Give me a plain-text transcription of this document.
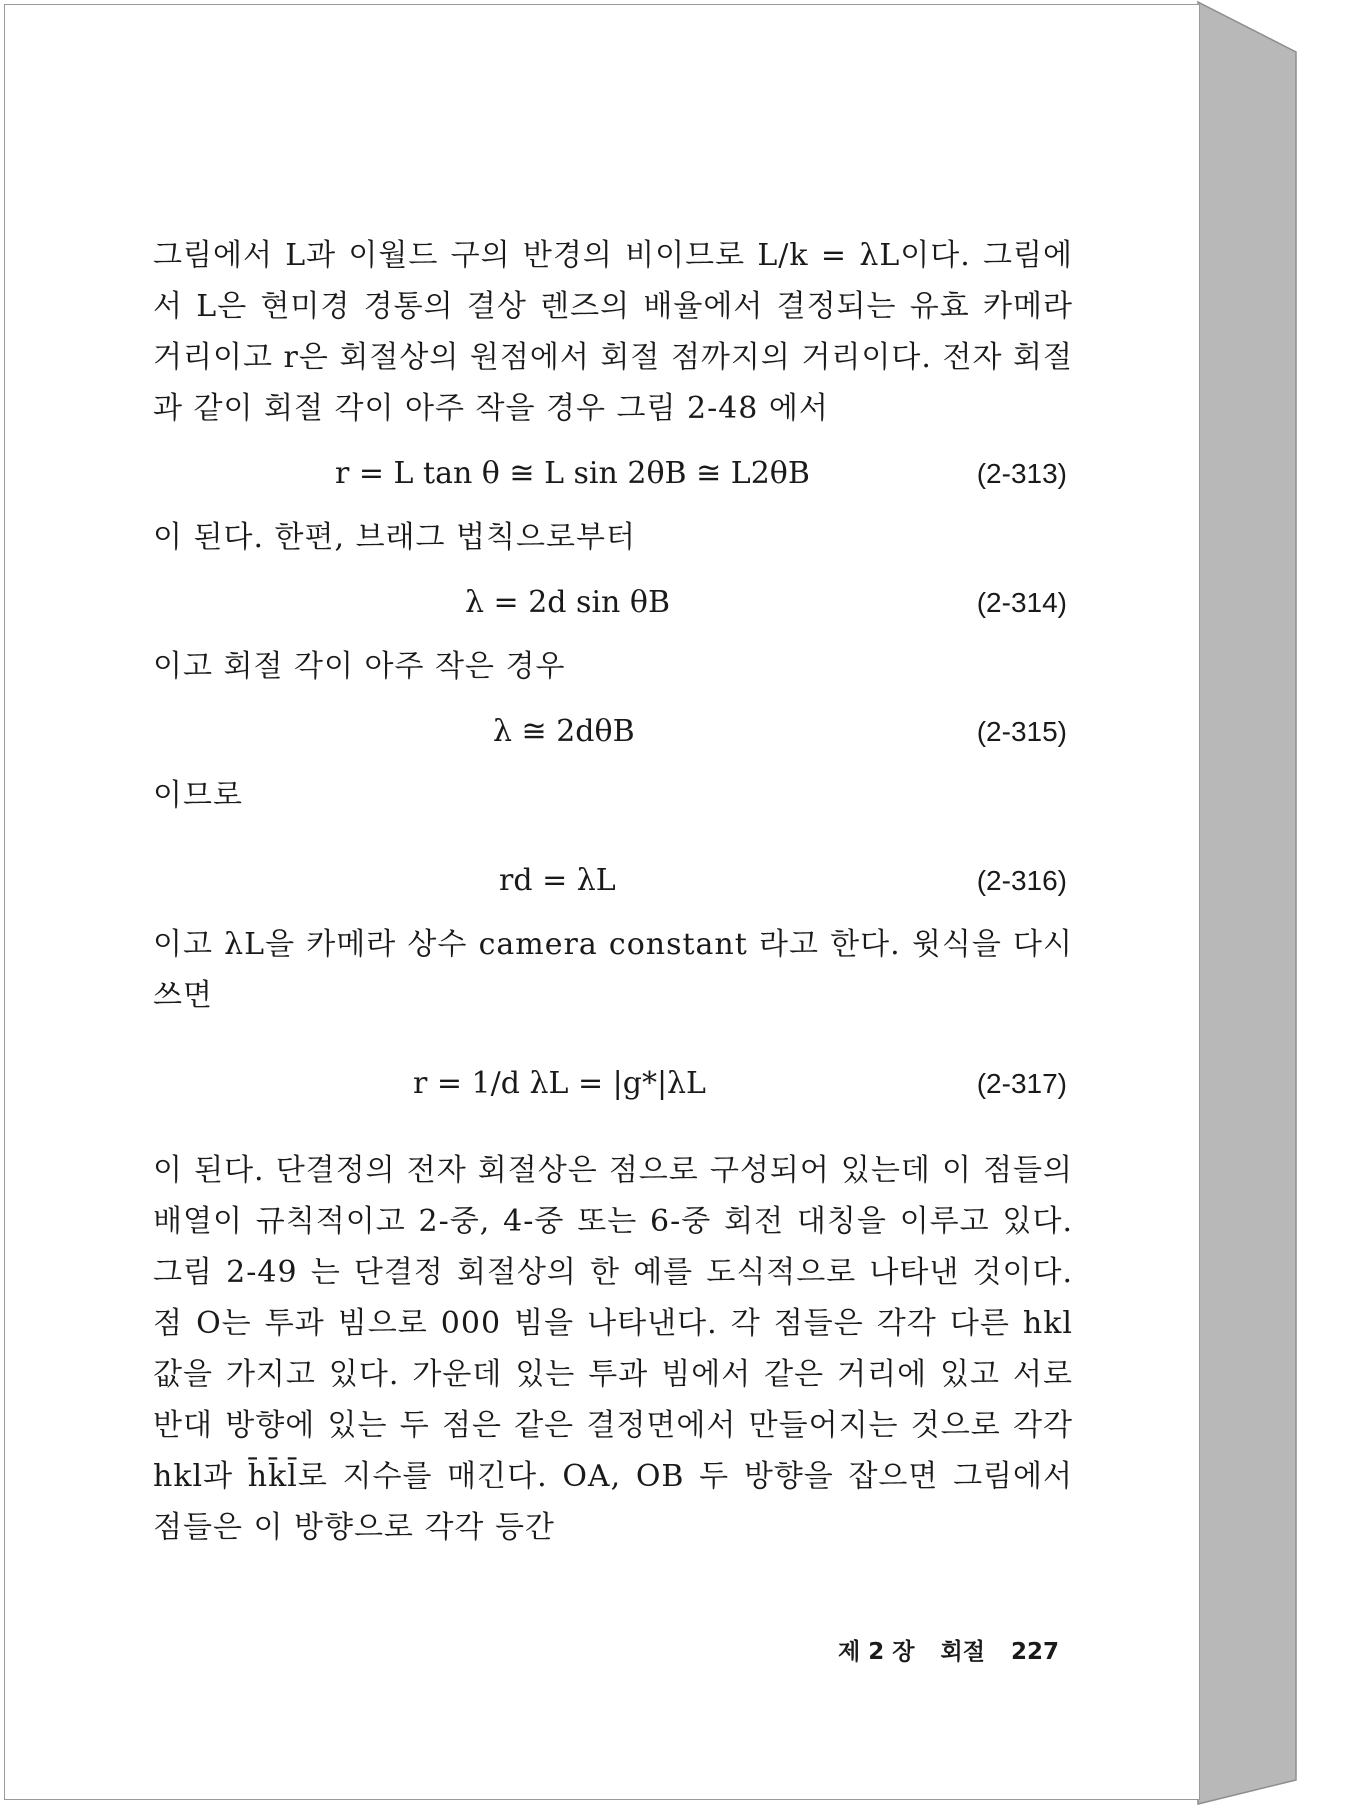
그림에서 L과 이월드 구의 반경의 비이므로 L/k = λL이다. 그림에서 L은 현미경 경통의 결상 렌즈의 배율에서 결정되는 유효 카메라 거리이고 r은 회절상의 원점에서 회절 점까지의 거리이다. 전자 회절과 같이 회절 각이 아주 작을 경우 그림 2-48 에서

r = L tan θ ≅ L sin 2θB ≅ L2θB	(2-313)

이 된다. 한편, 브래그 법칙으로부터

λ = 2d sin θB	(2-314)

이고 회절 각이 아주 작은 경우

λ ≅ 2dθB	(2-315)

이므로

rd = λL	(2-316)

이고 λL을 카메라 상수 camera constant 라고 한다. 윗식을 다시 쓰면

r = 1/d λL = |g*|λL	(2-317)

이 된다. 단결정의 전자 회절상은 점으로 구성되어 있는데 이 점들의 배열이 규칙적이고 2-중, 4-중 또는 6-중 회전 대칭을 이루고 있다. 그림 2-49 는 단결정 회절상의 한 예를 도식적으로 나타낸 것이다. 점 O는 투과 빔으로 000 빔을 나타낸다. 각 점들은 각각 다른 hkl 값을 가지고 있다. 가운데 있는 투과 빔에서 같은 거리에 있고 서로 반대 방향에 있는 두 점은 같은 결정면에서 만들어지는 것으로 각각 hkl과 h̄k̄l̄로 지수를 매긴다. OA, OB 두 방향을 잡으면 그림에서 점들은 이 방향으로 각각 등간

제 2 장 회절 227
